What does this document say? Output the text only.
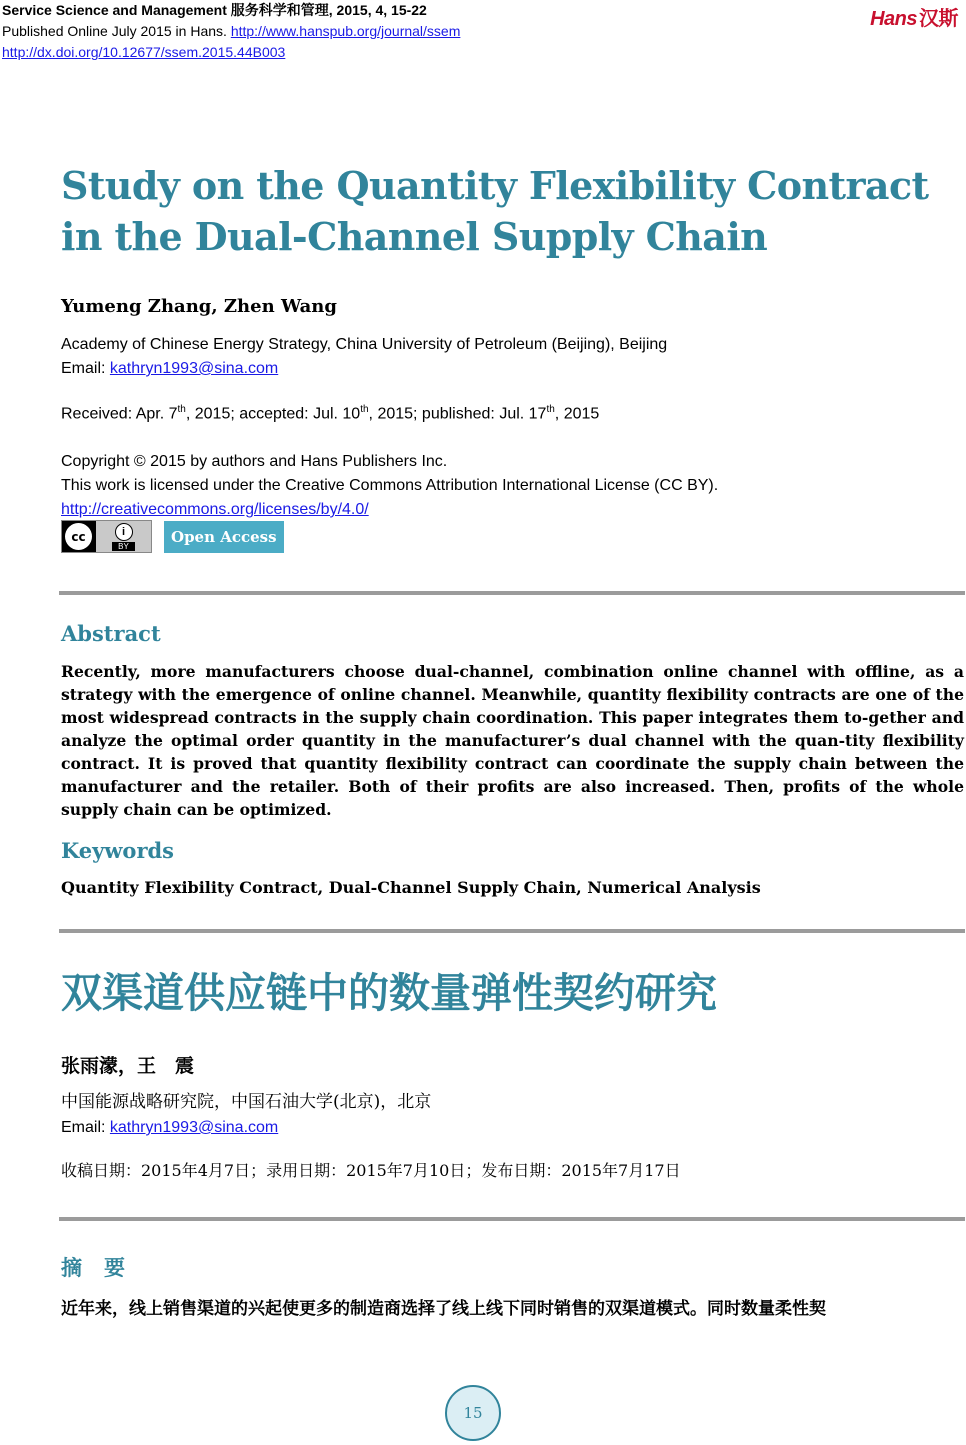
Service Science and Management 服务科学和管理, 2015, 4, 15-22
Published Online July 2015 in Hans. http://www.hanspub.org/journal/ssem
http://dx.doi.org/10.12677/ssem.2015.44B003
Hans 汉斯
Study on the Quantity Flexibility Contract
in the Dual-Channel Supply Chain
Yumeng Zhang, Zhen Wang
Academy of Chinese Energy Strategy, China University of Petroleum (Beijing), Beijing
Email: kathryn1993@sina.com
Received: Apr. 7th, 2015; accepted: Jul. 10th, 2015; published: Jul. 17th, 2015
Copyright © 2015 by authors and Hans Publishers Inc.
This work is licensed under the Creative Commons Attribution International License (CC BY).
http://creativecommons.org/licenses/by/4.0/
cc	i
BY
Open Access
Abstract
Recently, more manufacturers choose dual-channel, combination online channel with offline, as a strategy with the emergence of online channel. Meanwhile, quantity flexibility contracts are one of the most widespread contracts in the supply chain coordination. This paper integrates them to-gether and analyze the optimal order quantity in the manufacturer’s dual channel with the quan-tity flexibility contract. It is proved that quantity flexibility contract can coordinate the supply chain between the manufacturer and the retailer. Both of their profits are also increased. Then, profits of the whole supply chain can be optimized.
Keywords
Quantity Flexibility Contract, Dual-Channel Supply Chain, Numerical Analysis
双渠道供应链中的数量弹性契约研究
张雨濛，王　震
中国能源战略研究院，中国石油大学(北京)，北京
Email: kathryn1993@sina.com
收稿日期：2015年4月7日；录用日期：2015年7月10日；发布日期：2015年7月17日
摘要
近年来，线上销售渠道的兴起使更多的制造商选择了线上线下同时销售的双渠道模式。同时数量柔性契
15
